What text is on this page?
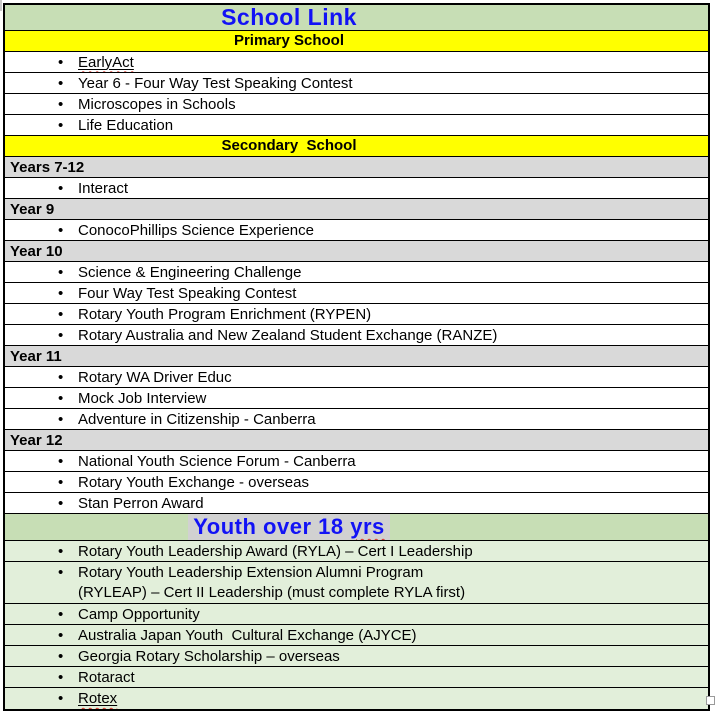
School Link
Primary School
• EarlyAct
• Year 6 - Four Way Test Speaking Contest
• Microscopes in Schools
• Life Education
Secondary  School
Years 7-12
• Interact
Year 9
• ConocoPhillips Science Experience
Year 10
• Science & Engineering Challenge
• Four Way Test Speaking Contest
• Rotary Youth Program Enrichment (RYPEN)
• Rotary Australia and New Zealand Student Exchange (RANZE)
Year 11
• Rotary WA Driver Educ
• Mock Job Interview
• Adventure in Citizenship - Canberra
Year 12
• National Youth Science Forum - Canberra
• Rotary Youth Exchange - overseas
• Stan Perron Award
Youth over 18 yrs
• Rotary Youth Leadership Award (RYLA) – Cert I Leadership
• Rotary Youth Leadership Extension Alumni Program
(RYLEAP) – Cert II Leadership (must complete RYLA first)
• Camp Opportunity
• Australia Japan Youth  Cultural Exchange (AJYCE)
• Georgia Rotary Scholarship – overseas
• Rotaract
• Rotex
